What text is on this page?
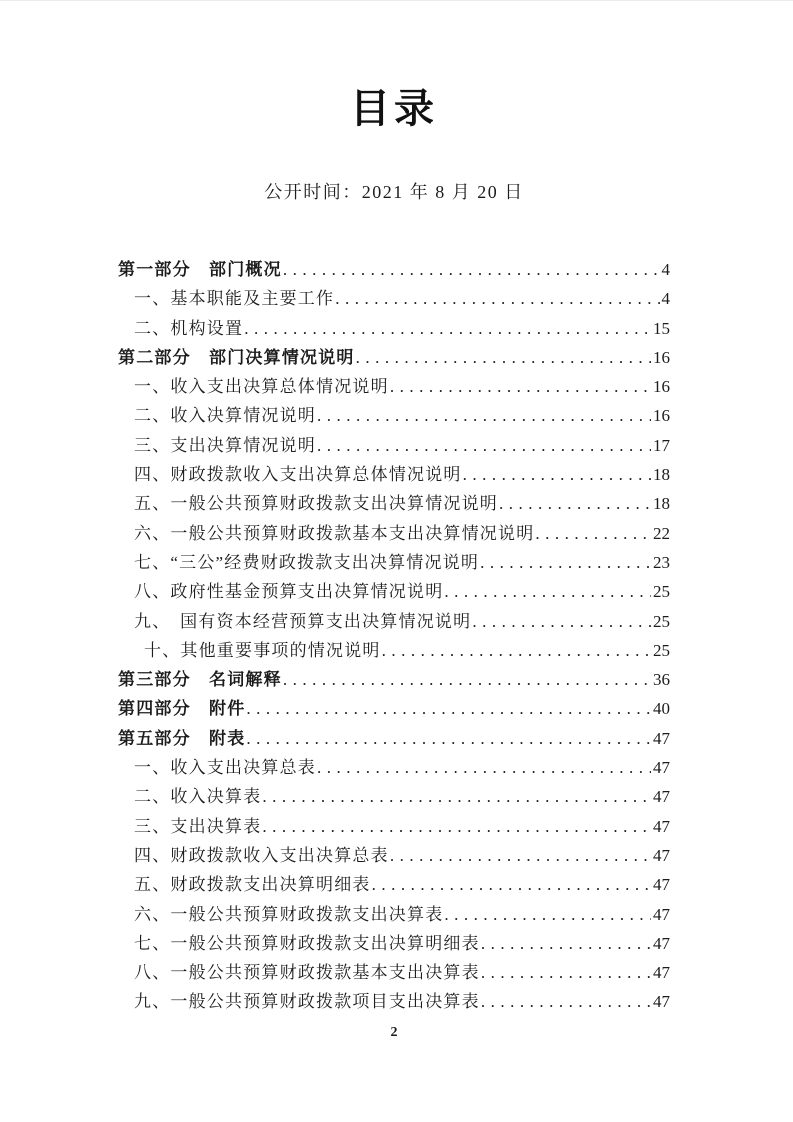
目录
公开时间：2021 年 8 月 20 日
第一部分　部门概况 .....	4
一、基本职能及主要工作 .....	4
二、机构设置 .....	15
第二部分　部门决算情况说明 .....	16
一、收入支出决算总体情况说明 .....	16
二、收入决算情况说明 .....	16
三、支出决算情况说明 .....	17
四、财政拨款收入支出决算总体情况说明 .....	18
五、一般公共预算财政拨款支出决算情况说明 .....	18
六、一般公共预算财政拨款基本支出决算情况说明 .....	22
七、“三公”经费财政拨款支出决算情况说明 .....	23
八、政府性基金预算支出决算情况说明 .....	25
九、　国有资本经营预算支出决算情况说明 .....	25
十、其他重要事项的情况说明 .....	25
第三部分　名词解释 .....	36
第四部分　附件 .....	40
第五部分　附表 .....	47
一、收入支出决算总表 .....	47
二、收入决算表 .....	47
三、支出决算表 .....	47
四、财政拨款收入支出决算总表 .....	47
五、财政拨款支出决算明细表 .....	47
六、一般公共预算财政拨款支出决算表 .....	47
七、一般公共预算财政拨款支出决算明细表 .....	47
八、一般公共预算财政拨款基本支出决算表 .....	47
九、一般公共预算财政拨款项目支出决算表 .....	47
2
